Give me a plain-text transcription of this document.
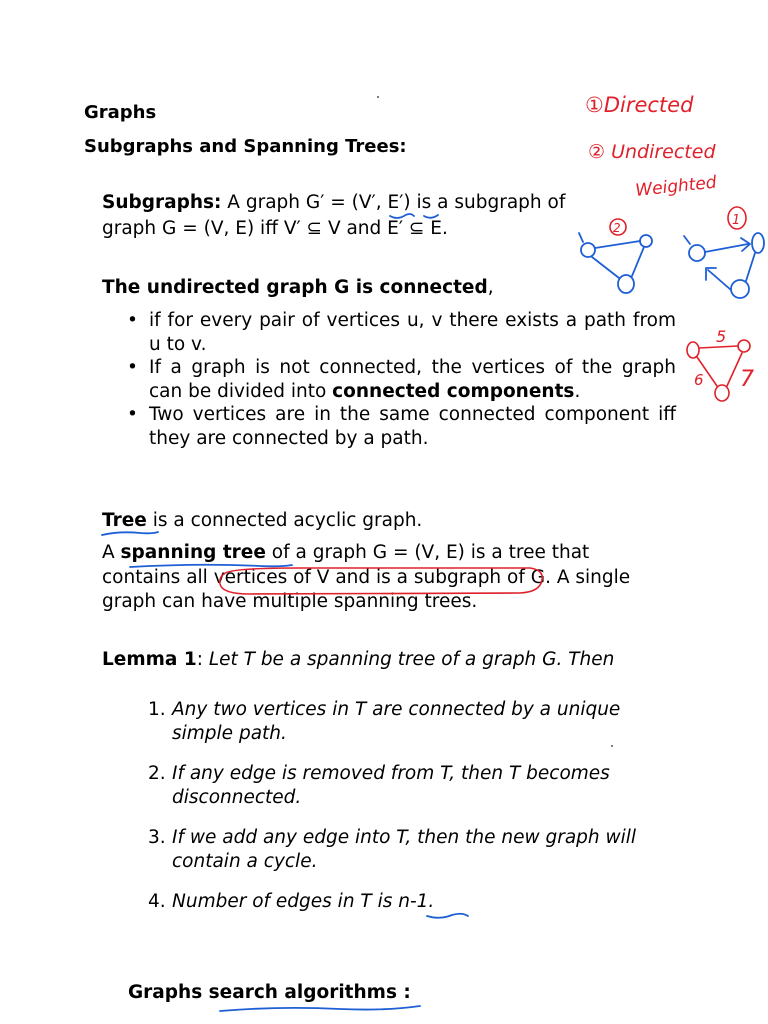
Graphs
Subgraphs and Spanning Trees:
Subgraphs: A graph G′ = (V′, E′) is a subgraph of
graph G = (V, E) iff V′ ⊆ V and E′ ⊆ E.
The undirected graph G is connected,
• if for every pair of vertices u, v there exists a path from u to v.
• If a graph is not connected, the vertices of the graph can be divided into connected components.
• Two vertices are in the same connected component iff they are connected by a path.
Tree is a connected acyclic graph.
A spanning tree of a graph G = (V, E) is a tree that
contains all vertices of V and is a subgraph of G. A single
graph can have multiple spanning trees.
Lemma 1: Let T be a spanning tree of a graph G. Then
1. Any two vertices in T are connected by a unique simple path.
2. If any edge is removed from T, then T becomes disconnected.
3. If we add any edge into T, then the new graph will contain a cycle.
4. Number of edges in T is n-1.
Graphs search algorithms :
①Directed
② Undirected
Weighted
2	1
5
6 7
